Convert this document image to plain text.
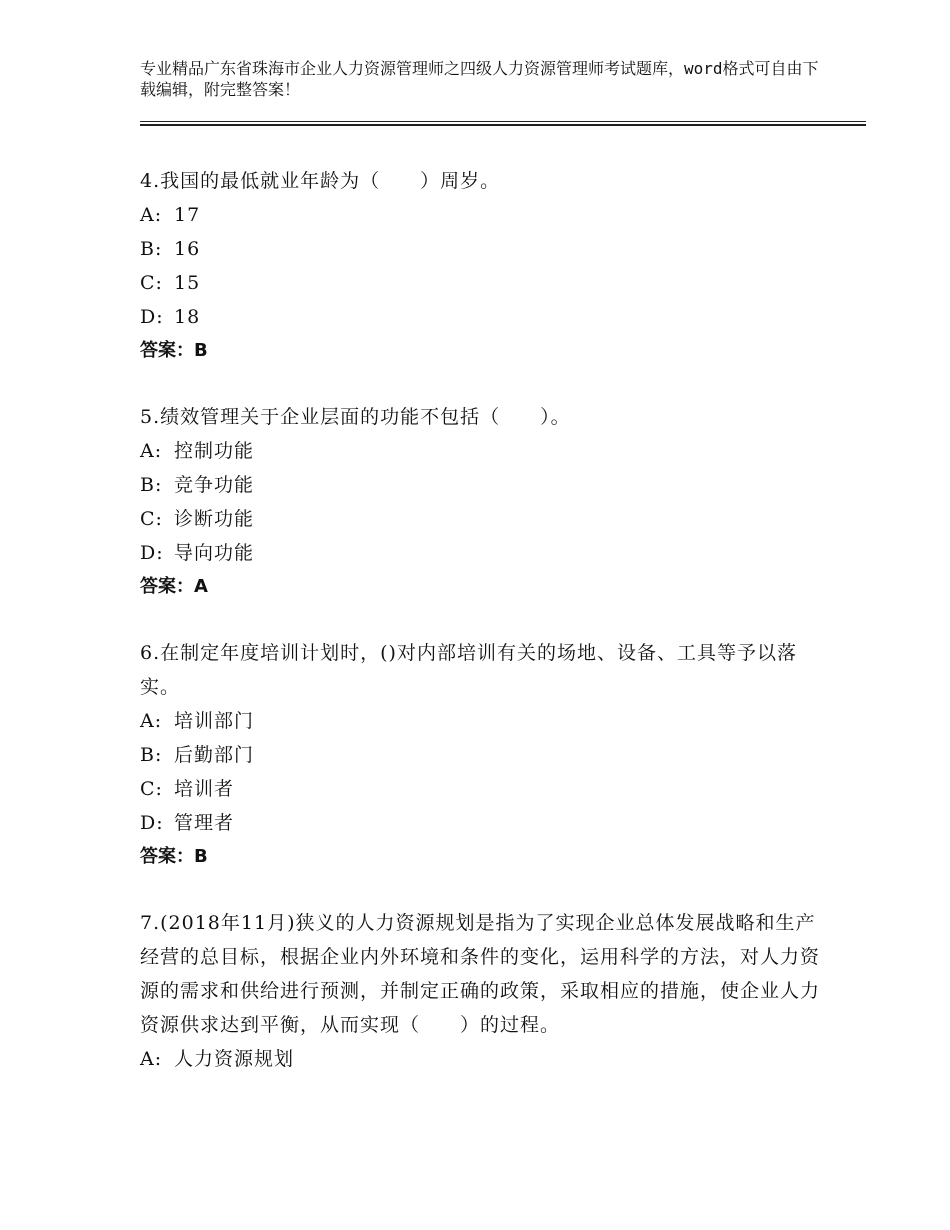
专业精品广东省珠海市企业人力资源管理师之四级人力资源管理师考试题库，word格式可自由下载编辑，附完整答案！
4.我国的最低就业年龄为（　　）周岁。
A: 17
B: 16
C: 15
D: 18
答案：B
5.绩效管理关于企业层面的功能不包括（　　）。
A: 控制功能
B: 竞争功能
C: 诊断功能
D: 导向功能
答案：A
6.在制定年度培训计划时，()对内部培训有关的场地、设备、工具等予以落实。
A: 培训部门
B: 后勤部门
C: 培训者
D: 管理者
答案：B
7.(2018年11月)狭义的人力资源规划是指为了实现企业总体发展战略和生产经营的总目标，根据企业内外环境和条件的变化，运用科学的方法，对人力资源的需求和供给进行预测，并制定正确的政策，采取相应的措施，使企业人力资源供求达到平衡，从而实现（　　）的过程。
A: 人力资源规划
